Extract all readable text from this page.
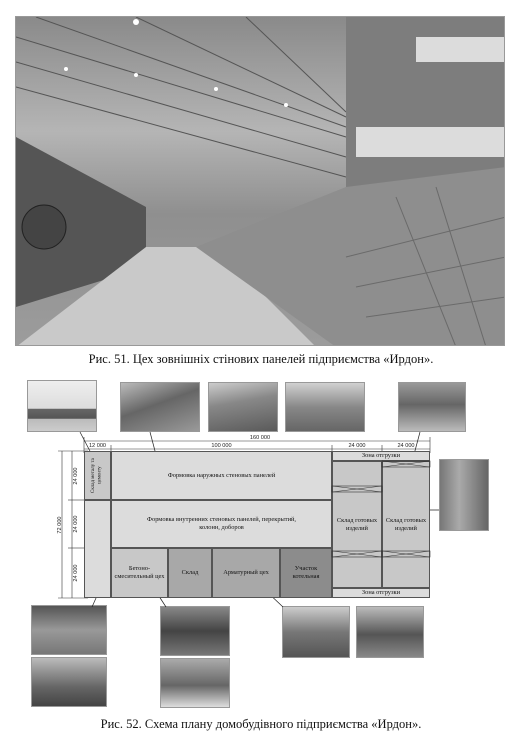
Рис. 51. Цех зовнішніх стінових панелей підприємства «Ирдон».
160 000
12 000	100 000	24 000	24 000
72 000
24 000
24 000
24 000
Склад металу та цементу	Формовка наружных стеновых панелей
Формовка внутренних стеновых панелей, перекрытий, колонн, доборов
Бетоно-смесительный цех
Склад	Арматурный цех
Участок котельная
Зона отгрузки
Склад готовых изделий
Склад готовых изделий
Зона отгрузки
Рис. 52. Схема плану домобудівного підприємства «Ирдон».
